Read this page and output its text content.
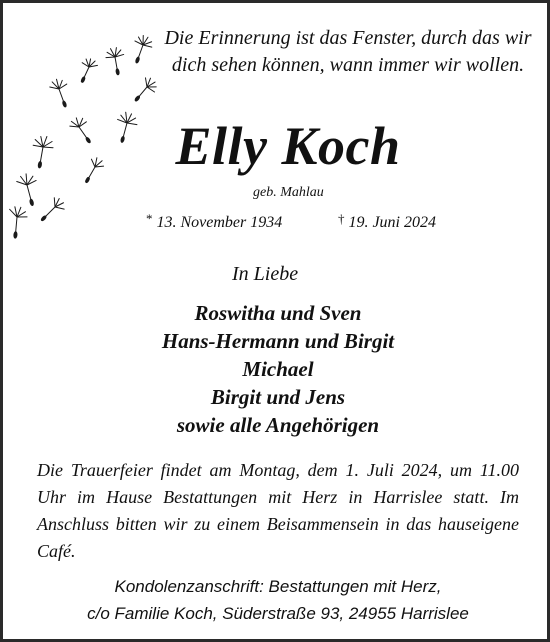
Die Erinnerung ist das Fenster, durch das wir dich sehen können, wann immer wir wollen.
Elly Koch
geb. Mahlau
* 13. November 1934	† 19. Juni 2024
In Liebe
Roswitha und Sven
Hans-Hermann und Birgit
Michael
Birgit und Jens
sowie alle Angehörigen
Die Trauerfeier findet am Montag, dem 1. Juli 2024, um 11.00 Uhr im Hause Bestattungen mit Herz in Harrislee statt. Im Anschluss bitten wir zu einem Beisammensein in das hauseigene Café.
Kondolenzanschrift: Bestattungen mit Herz,
c/o Familie Koch, Süderstraße 93, 24955 Harrislee
